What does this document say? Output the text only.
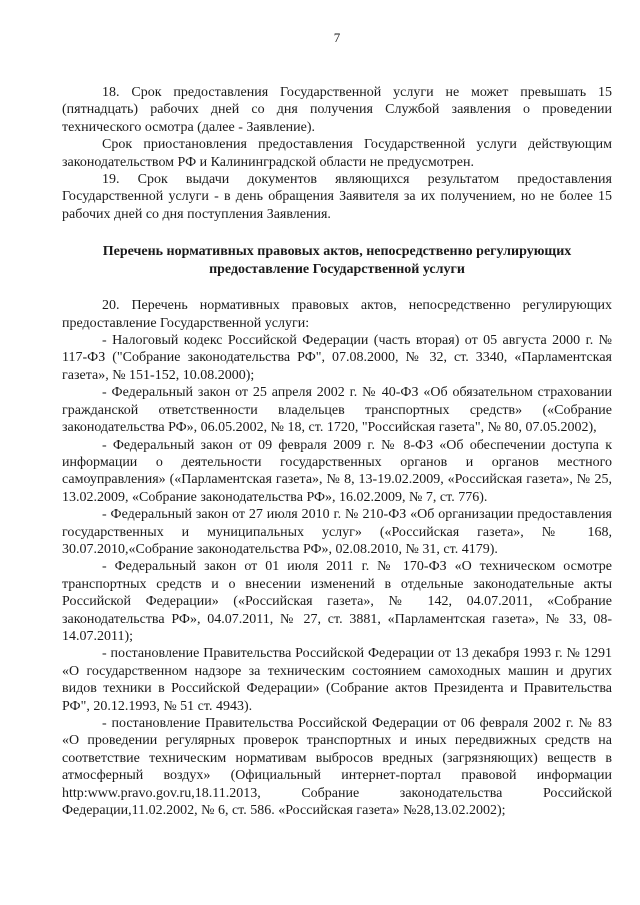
7

18. Срок предоставления Государственной услуги не может превышать 15 (пятнадцать) рабочих дней со дня получения Службой заявления о проведении технического осмотра (далее - Заявление).

Срок приостановления предоставления Государственной услуги действующим законодательством РФ и Калининградской области не предусмотрен.

19. Срок выдачи документов являющихся результатом предоставления Государственной услуги - в день обращения Заявителя за их получением, но не более 15 рабочих дней со дня поступления Заявления.

Перечень нормативных правовых актов, непосредственно регулирующих
предоставление Государственной услуги

20. Перечень нормативных правовых актов, непосредственно регулирующих предоставление Государственной услуги:

- Налоговый кодекс Российской Федерации (часть вторая) от 05 августа 2000 г. № 117-ФЗ ("Собрание законодательства РФ", 07.08.2000, № 32, ст. 3340, «Парламентская газета», № 151-152, 10.08.2000);

- Федеральный закон от 25 апреля 2002 г. № 40-ФЗ «Об обязательном страховании гражданской ответственности владельцев транспортных средств» («Собрание законодательства РФ», 06.05.2002, № 18, ст. 1720, "Российская газета", № 80, 07.05.2002),

- Федеральный закон от 09 февраля 2009 г. № 8-ФЗ «Об обеспечении доступа к информации о деятельности государственных органов и органов местного самоуправления» («Парламентская газета», № 8, 13-19.02.2009, «Российская газета», № 25, 13.02.2009, «Собрание законодательства РФ», 16.02.2009, № 7, ст. 776).

- Федеральный закон от 27 июля 2010 г. № 210-ФЗ «Об организации предоставления государственных и муниципальных услуг» («Российская газета», № 168, 30.07.2010,«Собрание законодательства РФ», 02.08.2010, № 31, ст. 4179).

- Федеральный закон от 01 июля 2011 г. № 170-ФЗ «О техническом осмотре транспортных средств и о внесении изменений в отдельные законодательные акты Российской Федерации» («Российская газета», № 142, 04.07.2011, «Собрание законодательства РФ», 04.07.2011, № 27, ст. 3881, «Парламентская газета», № 33, 08-14.07.2011);

- постановление Правительства Российской Федерации от 13 декабря 1993 г. № 1291 «О государственном надзоре за техническим состоянием самоходных машин и других видов техники в Российской Федерации» (Собрание актов Президента и Правительства РФ", 20.12.1993, № 51 ст. 4943).

- постановление Правительства Российской Федерации от 06 февраля 2002 г. № 83 «О проведении регулярных проверок транспортных и иных передвижных средств на соответствие техническим нормативам выбросов вредных (загрязняющих) веществ в атмосферный воздух» (Официальный интернет-портал правовой информации http:www.pravo.gov.ru,18.11.2013, Собрание законодательства Российской Федерации,11.02.2002, № 6, ст. 586. «Российская газета» №28,13.02.2002);
